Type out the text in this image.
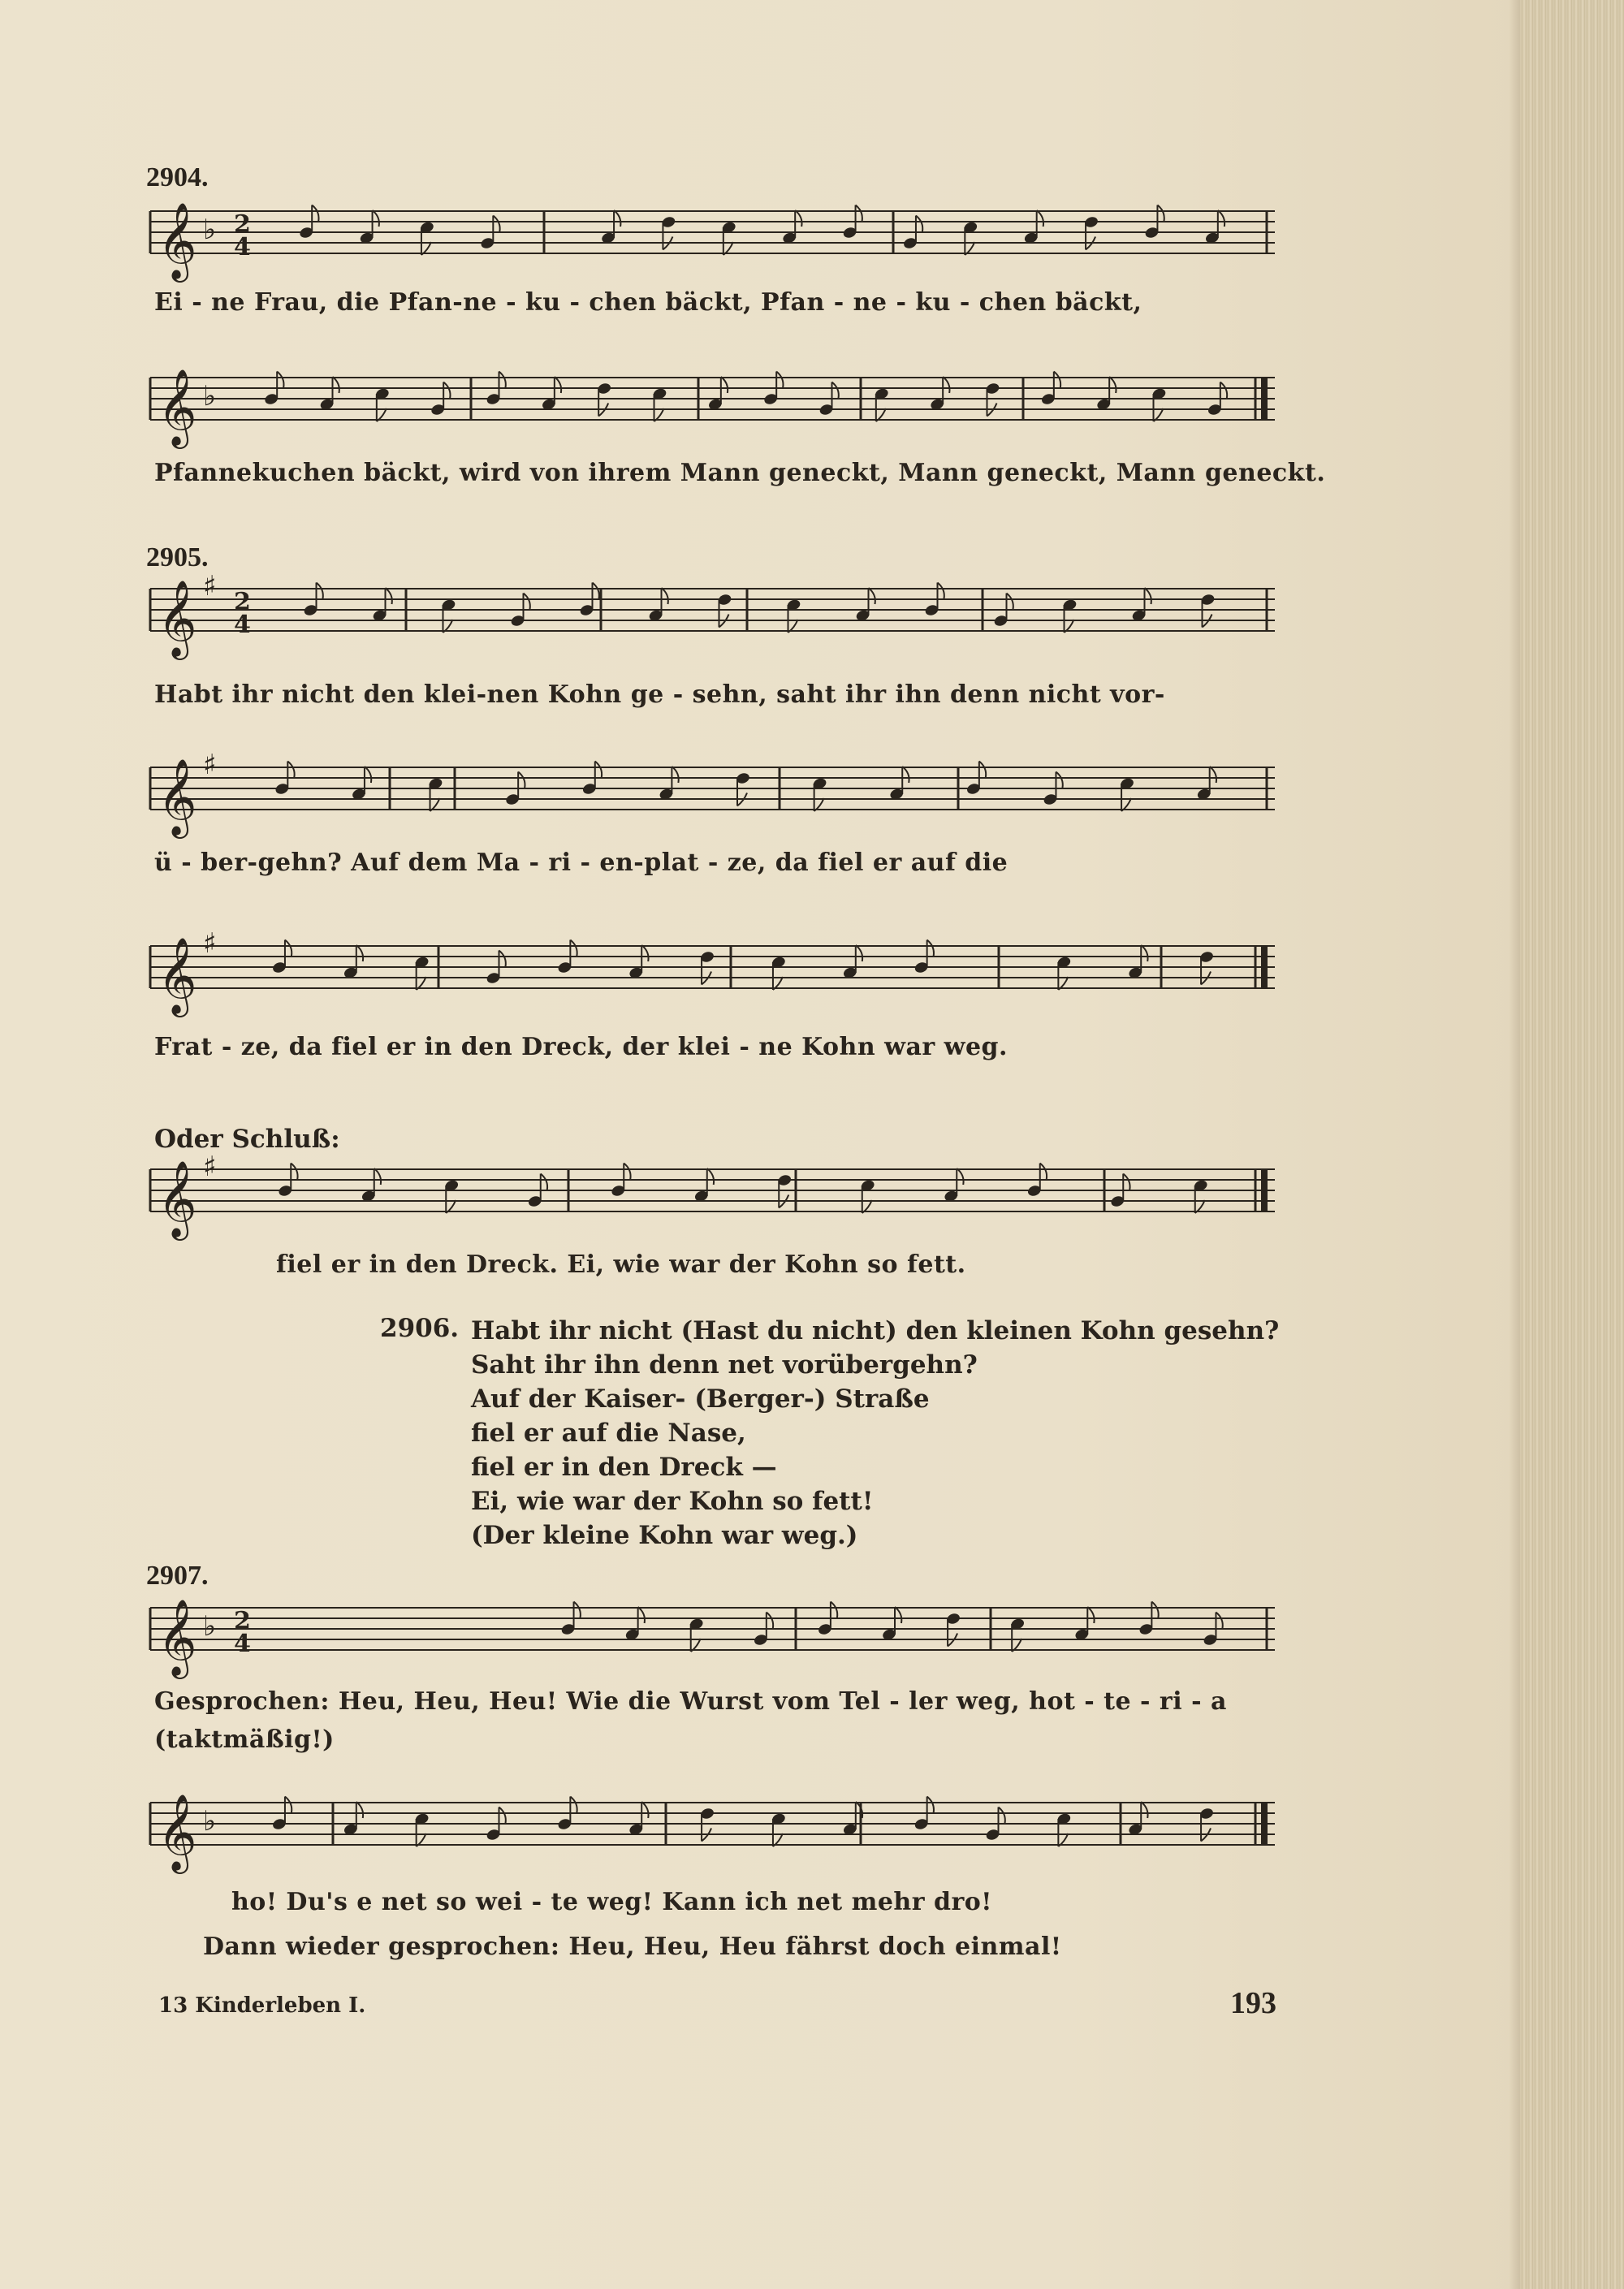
2904.
𝄞 ♭ 2
4
Ei - ne Frau, die Pfan-ne - ku - chen bäckt, Pfan - ne - ku - chen bäckt,
𝄞 ♭
Pfannekuchen bäckt, wird von ihrem Mann geneckt, Mann geneckt, Mann geneckt.
2905.
𝄞 ♯ 2
4
Habt ihr nicht den klei-nen Kohn ge - sehn, saht ihr ihn denn nicht vor-
𝄞 ♯
ü - ber-gehn? Auf dem Ma - ri - en-plat - ze, da fiel er auf die
𝄞 ♯
Frat - ze, da fiel er in den Dreck, der klei - ne Kohn war weg.
Oder Schluß:
𝄞 ♯
fiel er in den Dreck. Ei, wie war der Kohn so fett.
2906. Habt ihr nicht (Hast du nicht) den kleinen Kohn gesehn?
Saht ihr ihn denn net vorübergehn?
Auf der Kaiser- (Berger-) Straße
fiel er auf die Nase,
fiel er in den Dreck —
Ei, wie war der Kohn so fett!
(Der kleine Kohn war weg.)
2907.
𝄞 ♭ 2
4
Gesprochen: Heu, Heu, Heu! Wie die Wurst vom Tel - ler weg, hot - te - ri - a
(taktmäßig!)
𝄞 ♭
ho! Du's e net so wei - te weg! Kann ich net mehr dro!
Dann wieder gesprochen: Heu, Heu, Heu fährst doch einmal!
13 Kinderleben I.	193
